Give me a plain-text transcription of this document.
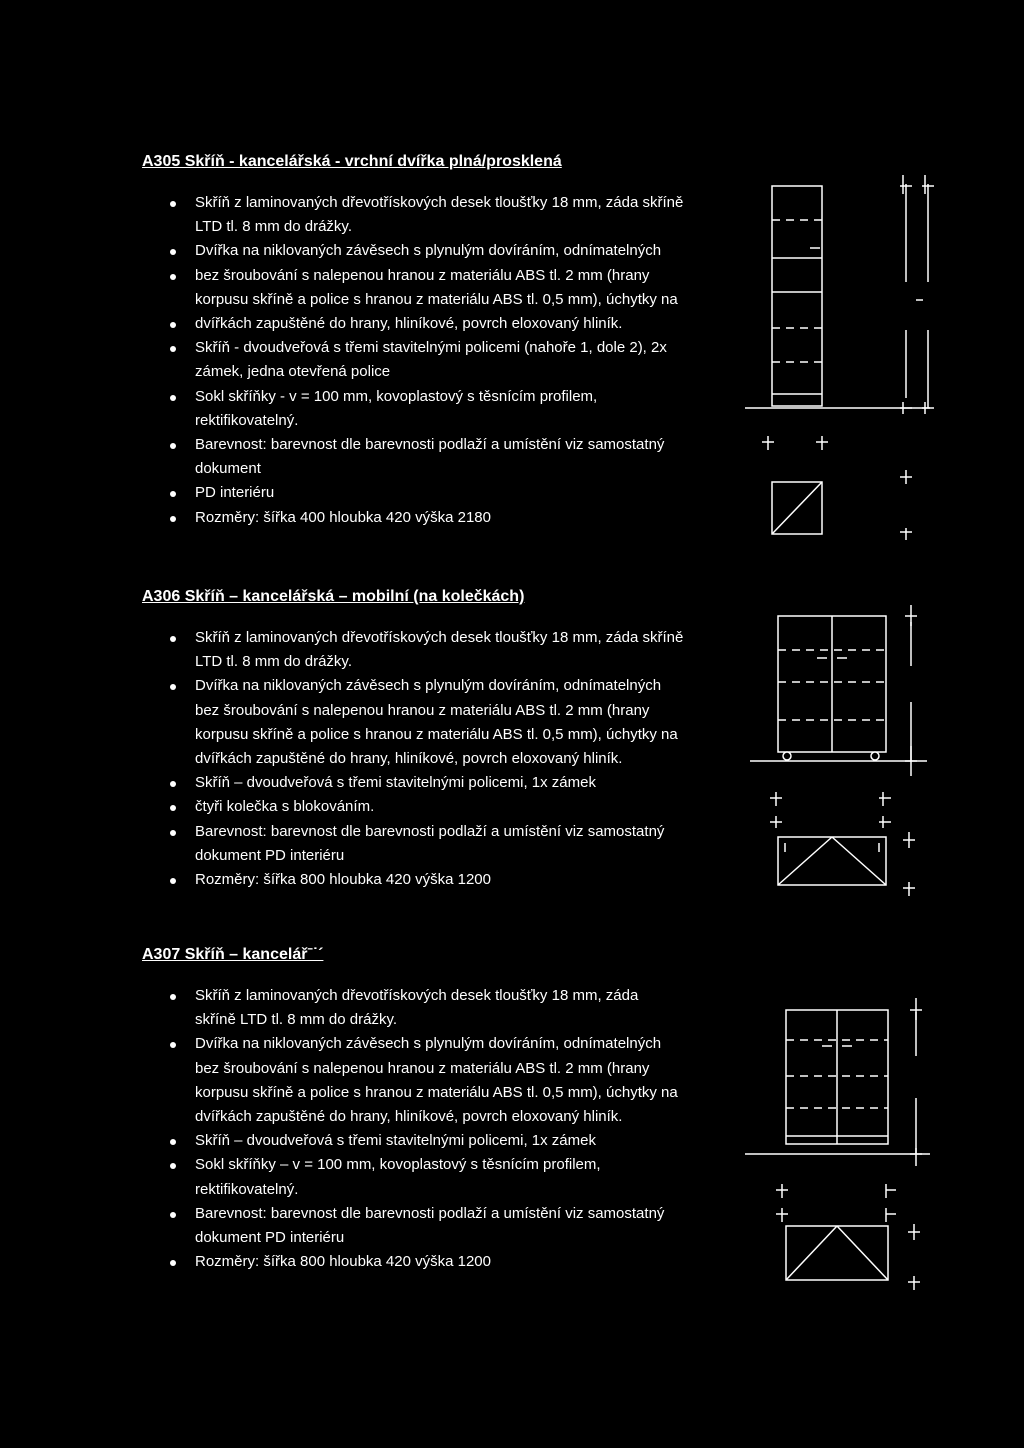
A305 Skříň - kancelářská - vrchní dvířka plná/prosklená
Skříň z laminovaných dřevotřískových desek tloušťky 18 mm, záda skříně
LTD tl. 8 mm do drážky.
Dvířka na niklovaných závěsech s plynulým dovíráním, odnímatelných
bez šroubování s nalepenou hranou z materiálu ABS tl. 2 mm (hrany
korpusu skříně a police s hranou z materiálu ABS tl. 0,5 mm), úchytky na
dvířkách zapuštěné do hrany, hliníkové, povrch eloxovaný hliník.
Skříň - dvoudveřová s třemi stavitelnými policemi (nahoře 1, dole 2), 2x
zámek, jedna otevřená police
Sokl skříňky - v = 100 mm, kovoplastový s těsnícím profilem,
rektifikovatelný.
Barevnost: barevnost dle barevnosti podlaží a umístění viz samostatný
dokument
PD interiéru
Rozměry: šířka 400 hloubka 420 výška 2180
A306 Skříň – kancelářská – mobilní (na kolečkách)
Skříň z laminovaných dřevotřískových desek tloušťky 18 mm, záda skříně
LTD tl. 8 mm do drážky.
Dvířka na niklovaných závěsech s plynulým dovíráním, odnímatelných
bez šroubování s nalepenou hranou z materiálu ABS tl. 2 mm (hrany
korpusu skříně a police s hranou z materiálu ABS tl. 0,5 mm), úchytky na
dvířkách zapuštěné do hrany, hliníkové, povrch eloxovaný hliník.
Skříň – dvoudveřová s třemi stavitelnými policemi, 1x zámek
čtyři kolečka s blokováním.
Barevnost: barevnost dle barevnosti podlaží a umístění viz samostatný
dokument PD interiéru
Rozměry: šířka 800 hloubka 420 výška 1200
A307 Skříň – kancelářˉ˙´
Skříň z laminovaných dřevotřískových desek tloušťky 18 mm, záda
skříně LTD tl. 8 mm do drážky.
Dvířka na niklovaných závěsech s plynulým dovíráním, odnímatelných
bez šroubování s nalepenou hranou z materiálu ABS tl. 2 mm (hrany
korpusu skříně a police s hranou z materiálu ABS tl. 0,5 mm), úchytky na
dvířkách zapuštěné do hrany, hliníkové, povrch eloxovaný hliník.
Skříň – dvoudveřová s třemi stavitelnými policemi, 1x zámek
Sokl skříňky – v = 100 mm, kovoplastový s těsnícím profilem,
rektifikovatelný.
Barevnost: barevnost dle barevnosti podlaží a umístění viz samostatný
dokument PD interiéru
Rozměry: šířka 800 hloubka 420 výška 1200
